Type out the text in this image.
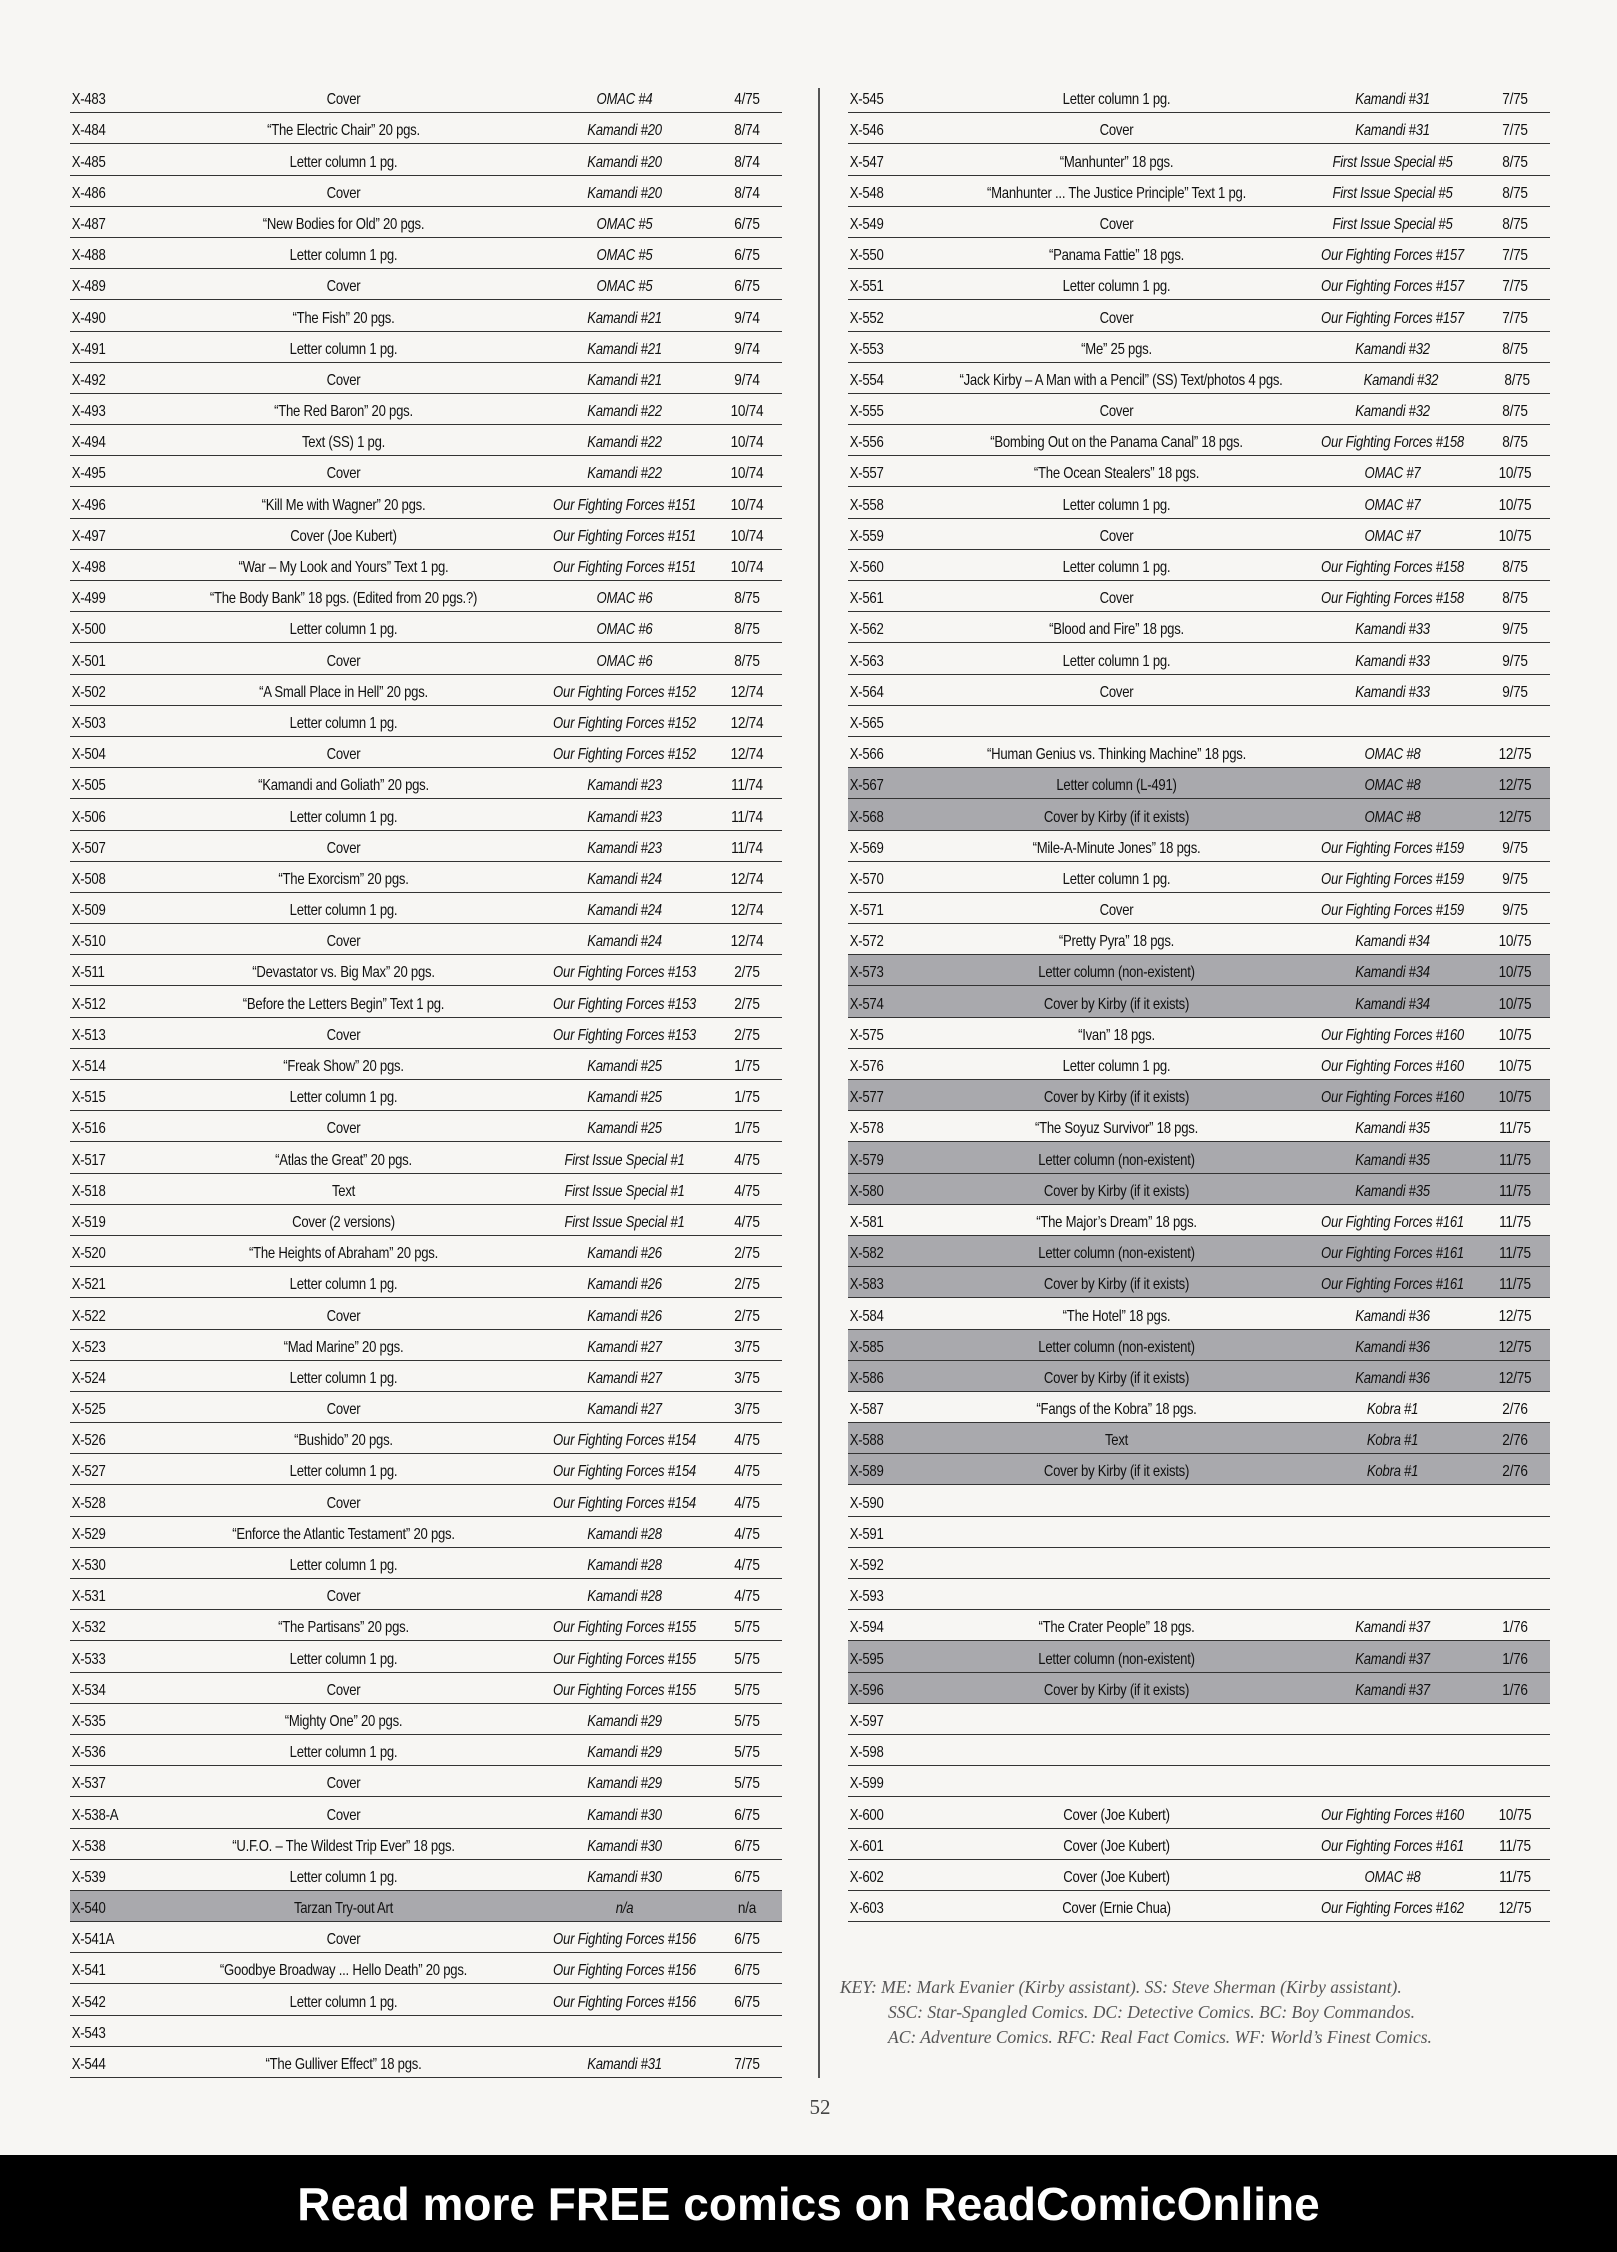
X-483	Cover	OMAC #4	4/75
X-484	“The Electric Chair” 20 pgs.	Kamandi #20	8/74
X-485	Letter column 1 pg.	Kamandi #20	8/74
X-486	Cover	Kamandi #20	8/74
X-487	“New Bodies for Old” 20 pgs.	OMAC #5	6/75
X-488	Letter column 1 pg.	OMAC #5	6/75
X-489	Cover	OMAC #5	6/75
X-490	“The Fish” 20 pgs.	Kamandi #21	9/74
X-491	Letter column 1 pg.	Kamandi #21	9/74
X-492	Cover	Kamandi #21	9/74
X-493	“The Red Baron” 20 pgs.	Kamandi #22	10/74
X-494	Text (SS) 1 pg.	Kamandi #22	10/74
X-495	Cover	Kamandi #22	10/74
X-496	“Kill Me with Wagner” 20 pgs.	Our Fighting Forces #151	10/74
X-497	Cover (Joe Kubert)	Our Fighting Forces #151	10/74
X-498	“War – My Look and Yours” Text 1 pg.	Our Fighting Forces #151	10/74
X-499	“The Body Bank” 18 pgs. (Edited from 20 pgs.?)	OMAC #6	8/75
X-500	Letter column 1 pg.	OMAC #6	8/75
X-501	Cover	OMAC #6	8/75
X-502	“A Small Place in Hell” 20 pgs.	Our Fighting Forces #152	12/74
X-503	Letter column 1 pg.	Our Fighting Forces #152	12/74
X-504	Cover	Our Fighting Forces #152	12/74
X-505	“Kamandi and Goliath” 20 pgs.	Kamandi #23	11/74
X-506	Letter column 1 pg.	Kamandi #23	11/74
X-507	Cover	Kamandi #23	11/74
X-508	“The Exorcism” 20 pgs.	Kamandi #24	12/74
X-509	Letter column 1 pg.	Kamandi #24	12/74
X-510	Cover	Kamandi #24	12/74
X-511	“Devastator vs. Big Max” 20 pgs.	Our Fighting Forces #153	2/75
X-512	“Before the Letters Begin” Text 1 pg.	Our Fighting Forces #153	2/75
X-513	Cover	Our Fighting Forces #153	2/75
X-514	“Freak Show” 20 pgs.	Kamandi #25	1/75
X-515	Letter column 1 pg.	Kamandi #25	1/75
X-516	Cover	Kamandi #25	1/75
X-517	“Atlas the Great” 20 pgs.	First Issue Special #1	4/75
X-518	Text	First Issue Special #1	4/75
X-519	Cover (2 versions)	First Issue Special #1	4/75
X-520	“The Heights of Abraham” 20 pgs.	Kamandi #26	2/75
X-521	Letter column 1 pg.	Kamandi #26	2/75
X-522	Cover	Kamandi #26	2/75
X-523	“Mad Marine” 20 pgs.	Kamandi #27	3/75
X-524	Letter column 1 pg.	Kamandi #27	3/75
X-525	Cover	Kamandi #27	3/75
X-526	“Bushido” 20 pgs.	Our Fighting Forces #154	4/75
X-527	Letter column 1 pg.	Our Fighting Forces #154	4/75
X-528	Cover	Our Fighting Forces #154	4/75
X-529	“Enforce the Atlantic Testament” 20 pgs.	Kamandi #28	4/75
X-530	Letter column 1 pg.	Kamandi #28	4/75
X-531	Cover	Kamandi #28	4/75
X-532	“The Partisans” 20 pgs.	Our Fighting Forces #155	5/75
X-533	Letter column 1 pg.	Our Fighting Forces #155	5/75
X-534	Cover	Our Fighting Forces #155	5/75
X-535	“Mighty One” 20 pgs.	Kamandi #29	5/75
X-536	Letter column 1 pg.	Kamandi #29	5/75
X-537	Cover	Kamandi #29	5/75
X-538-A	Cover	Kamandi #30	6/75
X-538	“U.F.O. – The Wildest Trip Ever” 18 pgs.	Kamandi #30	6/75
X-539	Letter column 1 pg.	Kamandi #30	6/75
X-540	Tarzan Try-out Art	n/a	n/a
X-541A	Cover	Our Fighting Forces #156	6/75
X-541	“Goodbye Broadway ... Hello Death” 20 pgs.	Our Fighting Forces #156	6/75
X-542	Letter column 1 pg.	Our Fighting Forces #156	6/75
X-543
X-544	“The Gulliver Effect” 18 pgs.	Kamandi #31	7/75
X-545	Letter column 1 pg.	Kamandi #31	7/75
X-546	Cover	Kamandi #31	7/75
X-547	“Manhunter” 18 pgs.	First Issue Special #5	8/75
X-548	“Manhunter ... The Justice Principle” Text 1 pg.	First Issue Special #5	8/75
X-549	Cover	First Issue Special #5	8/75
X-550	“Panama Fattie” 18 pgs.	Our Fighting Forces #157	7/75
X-551	Letter column 1 pg.	Our Fighting Forces #157	7/75
X-552	Cover	Our Fighting Forces #157	7/75
X-553	“Me” 25 pgs.	Kamandi #32	8/75
X-554	“Jack Kirby – A Man with a Pencil” (SS) Text/photos 4 pgs.	Kamandi #32	8/75
X-555	Cover	Kamandi #32	8/75
X-556	“Bombing Out on the Panama Canal” 18 pgs.	Our Fighting Forces #158	8/75
X-557	“The Ocean Stealers” 18 pgs.	OMAC #7	10/75
X-558	Letter column 1 pg.	OMAC #7	10/75
X-559	Cover	OMAC #7	10/75
X-560	Letter column 1 pg.	Our Fighting Forces #158	8/75
X-561	Cover	Our Fighting Forces #158	8/75
X-562	“Blood and Fire” 18 pgs.	Kamandi #33	9/75
X-563	Letter column 1 pg.	Kamandi #33	9/75
X-564	Cover	Kamandi #33	9/75
X-565
X-566	“Human Genius vs. Thinking Machine” 18 pgs.	OMAC #8	12/75
X-567	Letter column (L-491)	OMAC #8	12/75
X-568	Cover by Kirby (if it exists)	OMAC #8	12/75
X-569	“Mile-A-Minute Jones” 18 pgs.	Our Fighting Forces #159	9/75
X-570	Letter column 1 pg.	Our Fighting Forces #159	9/75
X-571	Cover	Our Fighting Forces #159	9/75
X-572	“Pretty Pyra” 18 pgs.	Kamandi #34	10/75
X-573	Letter column (non-existent)	Kamandi #34	10/75
X-574	Cover by Kirby (if it exists)	Kamandi #34	10/75
X-575	“Ivan” 18 pgs.	Our Fighting Forces #160	10/75
X-576	Letter column 1 pg.	Our Fighting Forces #160	10/75
X-577	Cover by Kirby (if it exists)	Our Fighting Forces #160	10/75
X-578	“The Soyuz Survivor” 18 pgs.	Kamandi #35	11/75
X-579	Letter column (non-existent)	Kamandi #35	11/75
X-580	Cover by Kirby (if it exists)	Kamandi #35	11/75
X-581	“The Major’s Dream” 18 pgs.	Our Fighting Forces #161	11/75
X-582	Letter column (non-existent)	Our Fighting Forces #161	11/75
X-583	Cover by Kirby (if it exists)	Our Fighting Forces #161	11/75
X-584	“The Hotel” 18 pgs.	Kamandi #36	12/75
X-585	Letter column (non-existent)	Kamandi #36	12/75
X-586	Cover by Kirby (if it exists)	Kamandi #36	12/75
X-587	“Fangs of the Kobra” 18 pgs.	Kobra #1	2/76
X-588	Text	Kobra #1	2/76
X-589	Cover by Kirby (if it exists)	Kobra #1	2/76
X-590
X-591
X-592
X-593
X-594	“The Crater People” 18 pgs.	Kamandi #37	1/76
X-595	Letter column (non-existent)	Kamandi #37	1/76
X-596	Cover by Kirby (if it exists)	Kamandi #37	1/76
X-597
X-598
X-599
X-600	Cover (Joe Kubert)	Our Fighting Forces #160	10/75
X-601	Cover (Joe Kubert)	Our Fighting Forces #161	11/75
X-602	Cover (Joe Kubert)	OMAC #8	11/75
X-603	Cover (Ernie Chua)	Our Fighting Forces #162	12/75
KEY: ME: Mark Evanier (Kirby assistant). SS: Steve Sherman (Kirby assistant).
SSC: Star-Spangled Comics. DC: Detective Comics. BC: Boy Commandos.
AC: Adventure Comics. RFC: Real Fact Comics. WF: World’s Finest Comics.
52
Read more FREE comics on ReadComicOnline
